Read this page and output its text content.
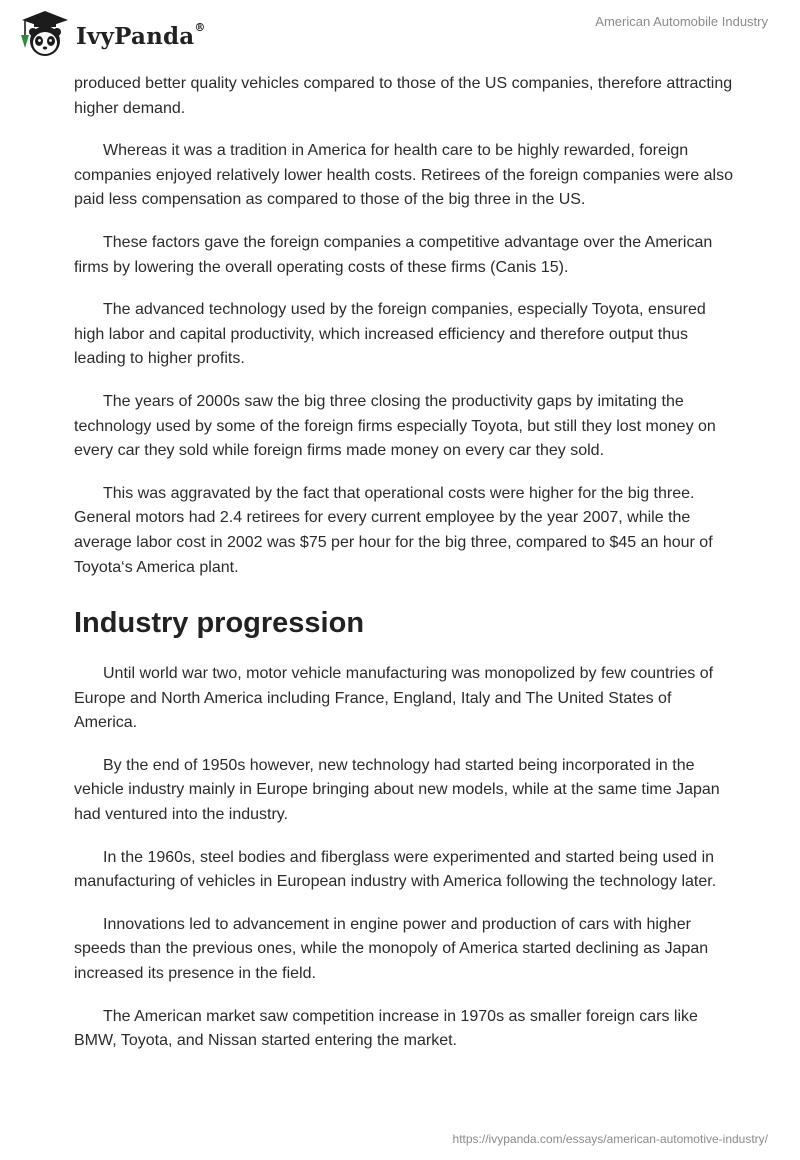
IvyPanda®	American Automobile Industry

produced better quality vehicles compared to those of the US companies, therefore attracting higher demand.

Whereas it was a tradition in America for health care to be highly rewarded, foreign companies enjoyed relatively lower health costs. Retirees of the foreign companies were also paid less compensation as compared to those of the big three in the US.

These factors gave the foreign companies a competitive advantage over the American firms by lowering the overall operating costs of these firms (Canis 15).

The advanced technology used by the foreign companies, especially Toyota, ensured high labor and capital productivity, which increased efficiency and therefore output thus leading to higher profits.

The years of 2000s saw the big three closing the productivity gaps by imitating the technology used by some of the foreign firms especially Toyota, but still they lost money on every car they sold while foreign firms made money on every car they sold.

This was aggravated by the fact that operational costs were higher for the big three. General motors had 2.4 retirees for every current employee by the year 2007, while the average labor cost in 2002 was $75 per hour for the big three, compared to $45 an hour of Toyota‘s America plant.

Industry progression

Until world war two, motor vehicle manufacturing was monopolized by few countries of Europe and North America including France, England, Italy and The United States of America.

By the end of 1950s however, new technology had started being incorporated in the vehicle industry mainly in Europe bringing about new models, while at the same time Japan had ventured into the industry.

In the 1960s, steel bodies and fiberglass were experimented and started being used in manufacturing of vehicles in European industry with America following the technology later.

Innovations led to advancement in engine power and production of cars with higher speeds than the previous ones, while the monopoly of America started declining as Japan increased its presence in the field.

The American market saw competition increase in 1970s as smaller foreign cars like BMW, Toyota, and Nissan started entering the market.

https://ivypanda.com/essays/american-automotive-industry/
